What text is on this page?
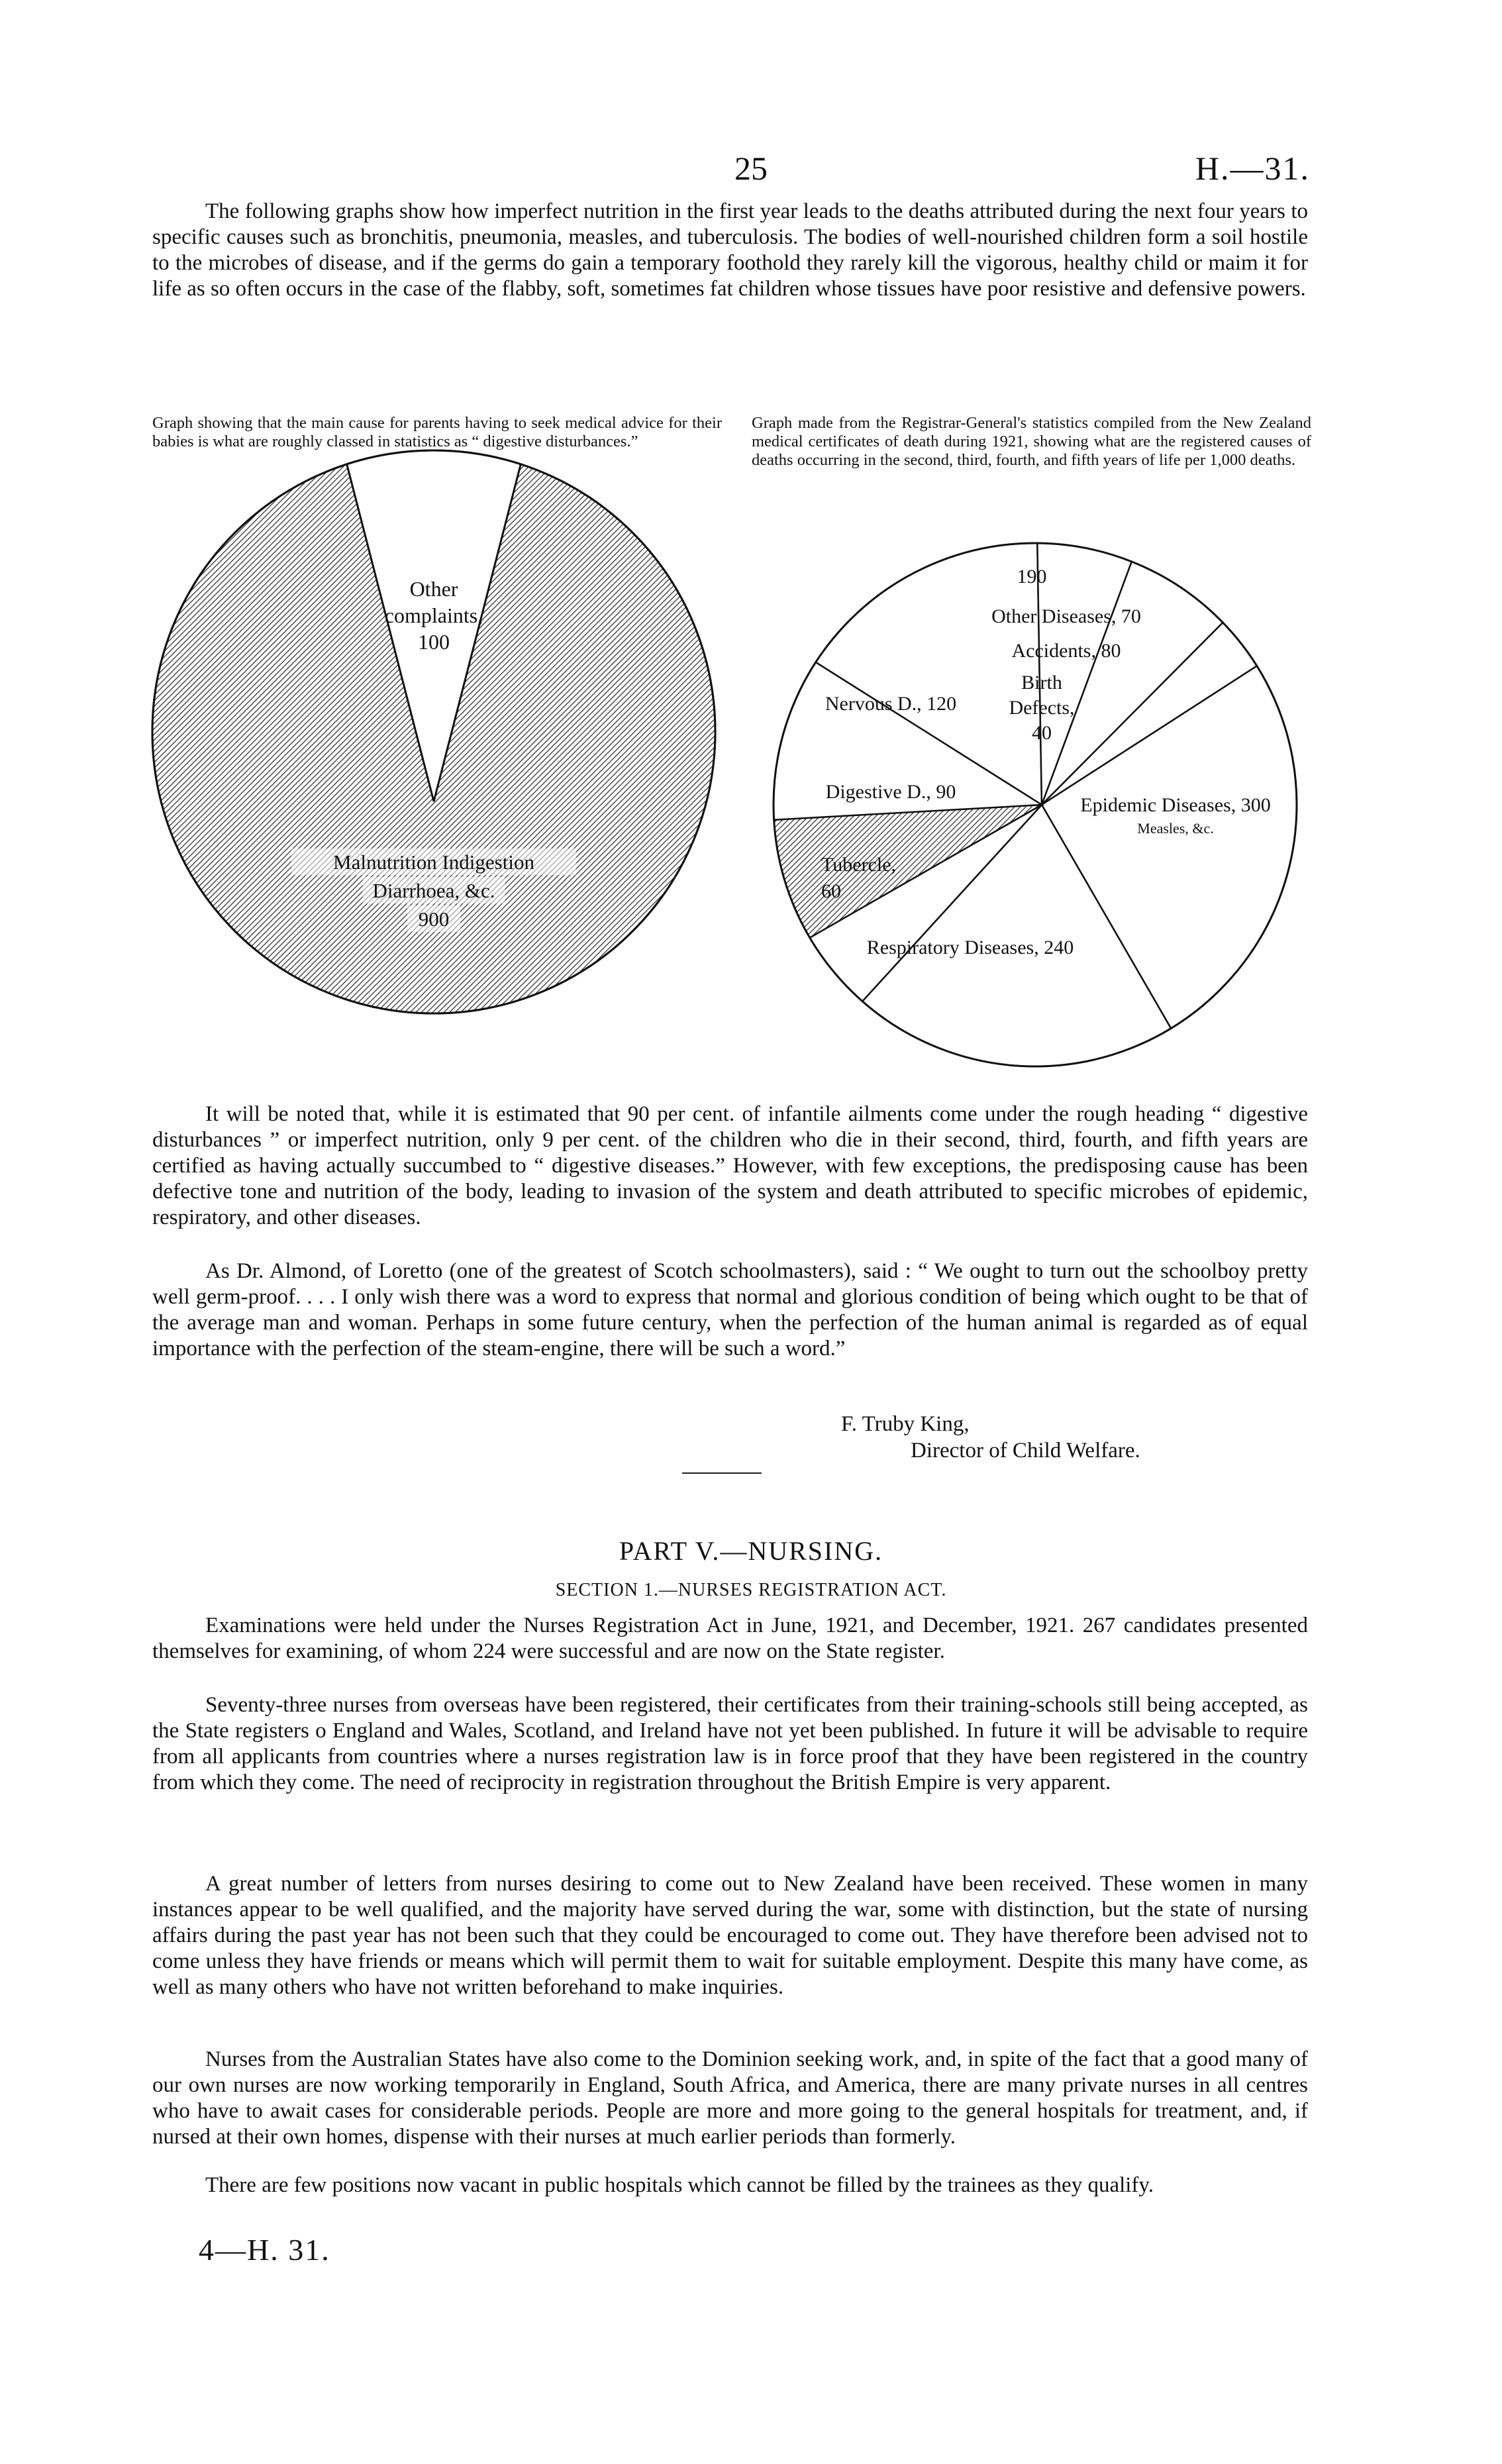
25	H.—31.

The following graphs show how imperfect nutrition in the first year leads to the deaths attributed during the next four years to specific causes such as bronchitis, pneumonia, measles, and tuberculosis. The bodies of well-nourished children form a soil hostile to the microbes of disease, and if the germs do gain a temporary foothold they rarely kill the vigorous, healthy child or maim it for life as so often occurs in the case of the flabby, soft, sometimes fat children whose tissues have poor resistive and defensive powers.

Graph showing that the main cause for parents having to seek medical advice for their babies is what are roughly classed in statistics as “ digestive disturbances.”

Graph made from the Registrar-General's statistics compiled from the New Zealand medical certificates of death during 1921, showing what are the registered causes of deaths occurring in the second, third, fourth, and fifth years of life per 1,000 deaths.

Other
complaints,
100
Malnutrition Indigestion
Diarrhoea, &c.
900
190
Other Diseases, 70
Accidents, 80
Birth
Defects,
40
Nervous D., 120
Digestive D., 90
Epidemic Diseases, 300
Measles, &c.
Tubercle,
60
Respiratory Diseases, 240

It will be noted that, while it is estimated that 90 per cent. of infantile ailments come under the rough heading “ digestive disturbances ” or imperfect nutrition, only 9 per cent. of the children who die in their second, third, fourth, and fifth years are certified as having actually succumbed to “ digestive diseases.” However, with few exceptions, the predisposing cause has been defective tone and nutrition of the body, leading to invasion of the system and death attributed to specific microbes of epidemic, respiratory, and other diseases.

As Dr. Almond, of Loretto (one of the greatest of Scotch schoolmasters), said : “ We ought to turn out the schoolboy pretty well germ-proof. . . . I only wish there was a word to express that normal and glorious condition of being which ought to be that of the average man and woman. Perhaps in some future century, when the perfection of the human animal is regarded as of equal importance with the perfection of the steam-engine, there will be such a word.”

F. Truby King,
Director of Child Welfare.
PART V.—NURSING.
SECTION 1.—NURSES REGISTRATION ACT.

Examinations were held under the Nurses Registration Act in June, 1921, and December, 1921. 267 candidates presented themselves for examining, of whom 224 were successful and are now on the State register.

Seventy-three nurses from overseas have been registered, their certificates from their training-schools still being accepted, as the State registers o England and Wales, Scotland, and Ireland have not yet been published. In future it will be advisable to require from all applicants from countries where a nurses registration law is in force proof that they have been registered in the country from which they come. The need of reciprocity in registration throughout the British Empire is very apparent.

A great number of letters from nurses desiring to come out to New Zealand have been received. These women in many instances appear to be well qualified, and the majority have served during the war, some with distinction, but the state of nursing affairs during the past year has not been such that they could be encouraged to come out. They have therefore been advised not to come unless they have friends or means which will permit them to wait for suitable employment. Despite this many have come, as well as many others who have not written beforehand to make inquiries.

Nurses from the Australian States have also come to the Dominion seeking work, and, in spite of the fact that a good many of our own nurses are now working temporarily in England, South Africa, and America, there are many private nurses in all centres who have to await cases for considerable periods. People are more and more going to the general hospitals for treatment, and, if nursed at their own homes, dispense with their nurses at much earlier periods than formerly.

There are few positions now vacant in public hospitals which cannot be filled by the trainees as they qualify.

4—H. 31.
